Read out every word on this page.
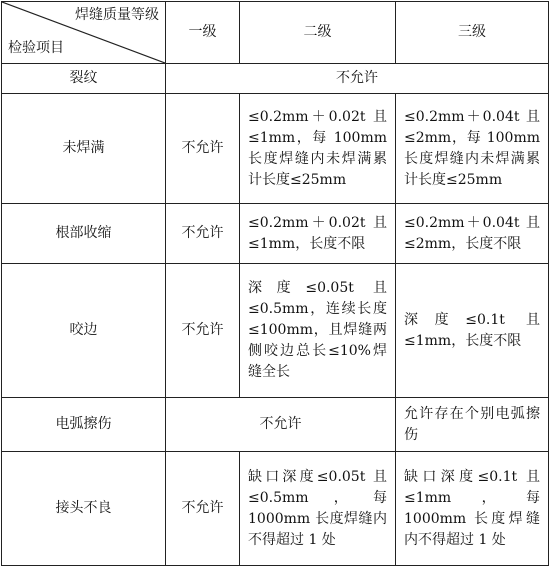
焊缝质量等级
检验项目	一级	二级	三级
裂纹	不允许		
未焊满	不允许	≤0.2mm＋0.02t 且≤1mm，每 100mm 长度焊缝内未焊满累计长度≤25mm	≤0.2mm＋0.04t 且≤2mm，每 100mm 长度焊缝内未焊满累计长度≤25mm
根部收缩	不允许	≤0.2mm＋0.02t 且≤1mm，长度不限	≤0.2mm＋0.04t 且≤2mm，长度不限
咬边	不允许	深度≤0.05t 且≤0.5mm，连续长度≤100mm，且焊缝两侧咬边总长≤10%焊缝全长	深度≤0.1t 且≤1mm，长度不限
电弧擦伤	不允许		允许存在个别电弧擦伤
接头不良	不允许	缺口深度≤0.05t 且≤0.5mm，每 1000mm 长度焊缝内不得超过 1 处	缺口深度≤0.1t 且≤1mm，每 1000mm 长度焊缝内不得超过 1 处
